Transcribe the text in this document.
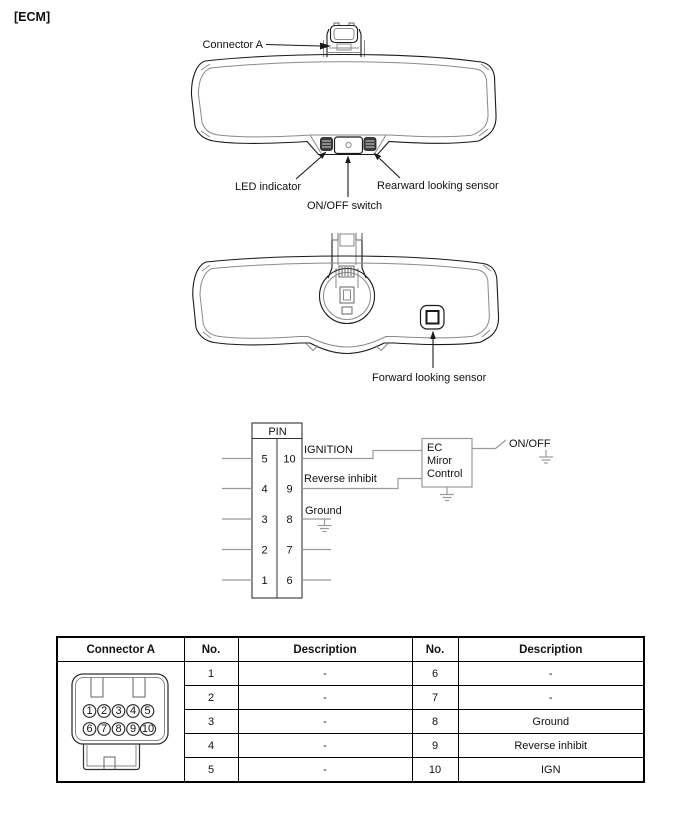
[ECM]
Connector A
LED indicator
ON/OFF switch
Rearward looking sensor
Forward looking sensor
PIN
5
4
3
2
1
10
9
8
7
6
IGNITION
Reverse inhibit
Ground
EC
Miror
Control
ON/OFF
Connector A	No.	Description	No.	Description

1 2 3 4 5
6 7 8 9 10
	1	-	6	-
	2	-	7	-
	3	-	8	Ground
	4	-	9	Reverse inhibit
	5	-	10	IGN
